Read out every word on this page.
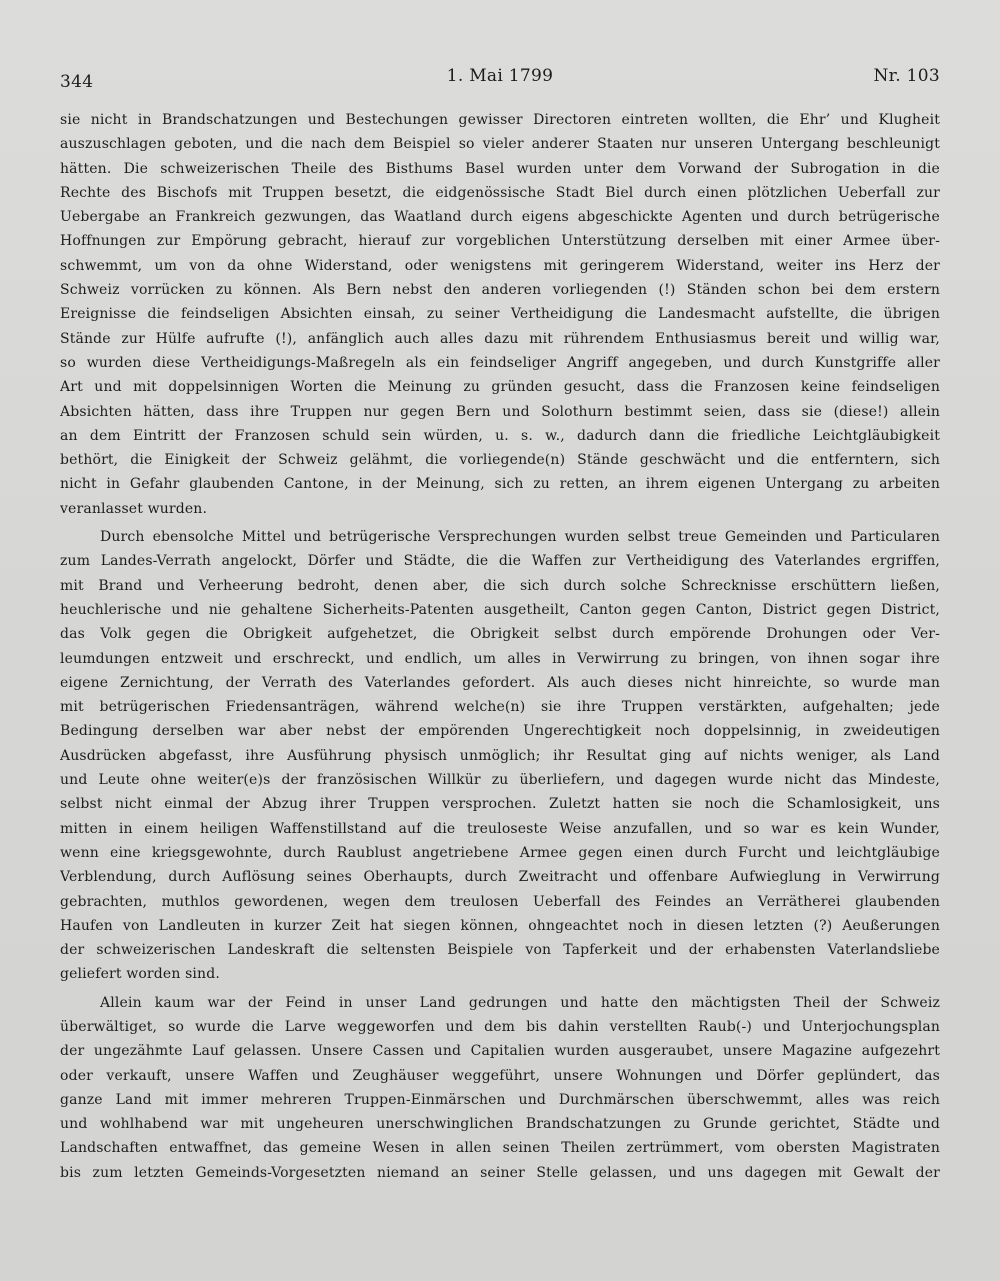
344	1. Mai 1799	Nr. 103
sie nicht in Brandschatzungen und Bestechungen gewisser Directoren eintreten wollten, die Ehr’ und Klugheit
auszuschlagen geboten, und die nach dem Beispiel so vieler anderer Staaten nur unseren Untergang beschleunigt
hätten. Die schweizerischen Theile des Bisthums Basel wurden unter dem Vorwand der Subrogation in die
Rechte des Bischofs mit Truppen besetzt, die eidgenössische Stadt Biel durch einen plötzlichen Ueberfall zur
Uebergabe an Frankreich gezwungen, das Waatland durch eigens abgeschickte Agenten und durch betrügerische
Hoffnungen zur Empörung gebracht, hierauf zur vorgeblichen Unterstützung derselben mit einer Armee über-
schwemmt, um von da ohne Widerstand, oder wenigstens mit geringerem Widerstand, weiter ins Herz der
Schweiz vorrücken zu können. Als Bern nebst den anderen vorliegenden (!) Ständen schon bei dem erstern
Ereignisse die feindseligen Absichten einsah, zu seiner Vertheidigung die Landesmacht aufstellte, die übrigen
Stände zur Hülfe aufrufte (!), anfänglich auch alles dazu mit rührendem Enthusiasmus bereit und willig war,
so wurden diese Vertheidigungs-Maßregeln als ein feindseliger Angriff angegeben, und durch Kunstgriffe aller
Art und mit doppelsinnigen Worten die Meinung zu gründen gesucht, dass die Franzosen keine feindseligen
Absichten hätten, dass ihre Truppen nur gegen Bern und Solothurn bestimmt seien, dass sie (diese!) allein
an dem Eintritt der Franzosen schuld sein würden, u. s. w., dadurch dann die friedliche Leichtgläubigkeit
bethört, die Einigkeit der Schweiz gelähmt, die vorliegende(n) Stände geschwächt und die entferntern, sich
nicht in Gefahr glaubenden Cantone, in der Meinung, sich zu retten, an ihrem eigenen Untergang zu arbeiten
veranlasset wurden.
Durch ebensolche Mittel und betrügerische Versprechungen wurden selbst treue Gemeinden und Particularen
zum Landes-Verrath angelockt, Dörfer und Städte, die die Waffen zur Vertheidigung des Vaterlandes ergriffen,
mit Brand und Verheerung bedroht, denen aber, die sich durch solche Schrecknisse erschüttern ließen,
heuchlerische und nie gehaltene Sicherheits-Patenten ausgetheilt, Canton gegen Canton, District gegen District,
das Volk gegen die Obrigkeit aufgehetzet, die Obrigkeit selbst durch empörende Drohungen oder Ver-
leumdungen entzweit und erschreckt, und endlich, um alles in Verwirrung zu bringen, von ihnen sogar ihre
eigene Zernichtung, der Verrath des Vaterlandes gefordert. Als auch dieses nicht hinreichte, so wurde man
mit betrügerischen Friedensanträgen, während welche(n) sie ihre Truppen verstärkten, aufgehalten; jede
Bedingung derselben war aber nebst der empörenden Ungerechtigkeit noch doppelsinnig, in zweideutigen
Ausdrücken abgefasst, ihre Ausführung physisch unmöglich; ihr Resultat ging auf nichts weniger, als Land
und Leute ohne weiter(e)s der französischen Willkür zu überliefern, und dagegen wurde nicht das Mindeste,
selbst nicht einmal der Abzug ihrer Truppen versprochen. Zuletzt hatten sie noch die Schamlosigkeit, uns
mitten in einem heiligen Waffenstillstand auf die treuloseste Weise anzufallen, und so war es kein Wunder,
wenn eine kriegsgewohnte, durch Raublust angetriebene Armee gegen einen durch Furcht und leichtgläubige
Verblendung, durch Auflösung seines Oberhaupts, durch Zweitracht und offenbare Aufwieglung in Verwirrung
gebrachten, muthlos gewordenen, wegen dem treulosen Ueberfall des Feindes an Verrätherei glaubenden
Haufen von Landleuten in kurzer Zeit hat siegen können, ohngeachtet noch in diesen letzten (?) Aeußerungen
der schweizerischen Landeskraft die seltensten Beispiele von Tapferkeit und der erhabensten Vaterlandsliebe
geliefert worden sind.
Allein kaum war der Feind in unser Land gedrungen und hatte den mächtigsten Theil der Schweiz
überwältiget, so wurde die Larve weggeworfen und dem bis dahin verstellten Raub(-) und Unterjochungsplan
der ungezähmte Lauf gelassen. Unsere Cassen und Capitalien wurden ausgeraubet, unsere Magazine aufgezehrt
oder verkauft, unsere Waffen und Zeughäuser weggeführt, unsere Wohnungen und Dörfer geplündert, das
ganze Land mit immer mehreren Truppen-Einmärschen und Durchmärschen überschwemmt, alles was reich
und wohlhabend war mit ungeheuren unerschwinglichen Brandschatzungen zu Grunde gerichtet, Städte und
Landschaften entwaffnet, das gemeine Wesen in allen seinen Theilen zertrümmert, vom obersten Magistraten
bis zum letzten Gemeinds-Vorgesetzten niemand an seiner Stelle gelassen, und uns dagegen mit Gewalt der
